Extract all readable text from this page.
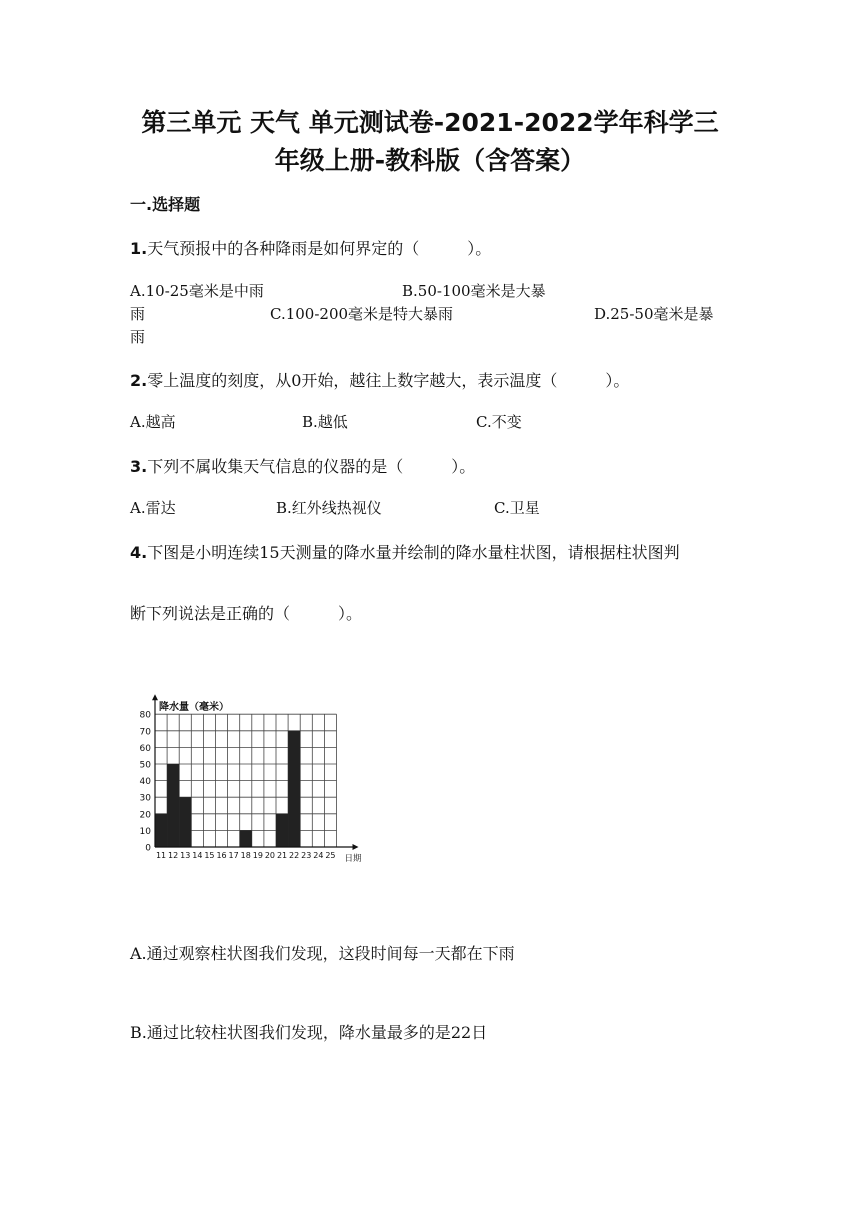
第三单元 天气 单元测试卷-2021-2022学年科学三
年级上册-教科版（含答案）
一.选择题
1.天气预报中的各种降雨是如何界定的（　　　）。
A.10-25毫米是中雨	B.50-100毫米是大暴
雨	C.100-200毫米是特大暴雨	D.25-50毫米是暴
雨
2.零上温度的刻度，从0开始，越往上数字越大，表示温度（　　　）。
A.越高	B.越低	C.不变
3.下列不属收集天气信息的仪器的是（　　　）。
A.雷达	B.红外线热视仪	C.卫星
4.下图是小明连续15天测量的降水量并绘制的降水量柱状图，请根据柱状图判
断下列说法是正确的（　　　）。
0
10
20
30
40
50
60
70
80
11 12 13 14 15 16 17 18 19 20 21 22 23 24 25
降水量（毫米）
日期
A.通过观察柱状图我们发现，这段时间每一天都在下雨
B.通过比较柱状图我们发现，降水量最多的是22日
